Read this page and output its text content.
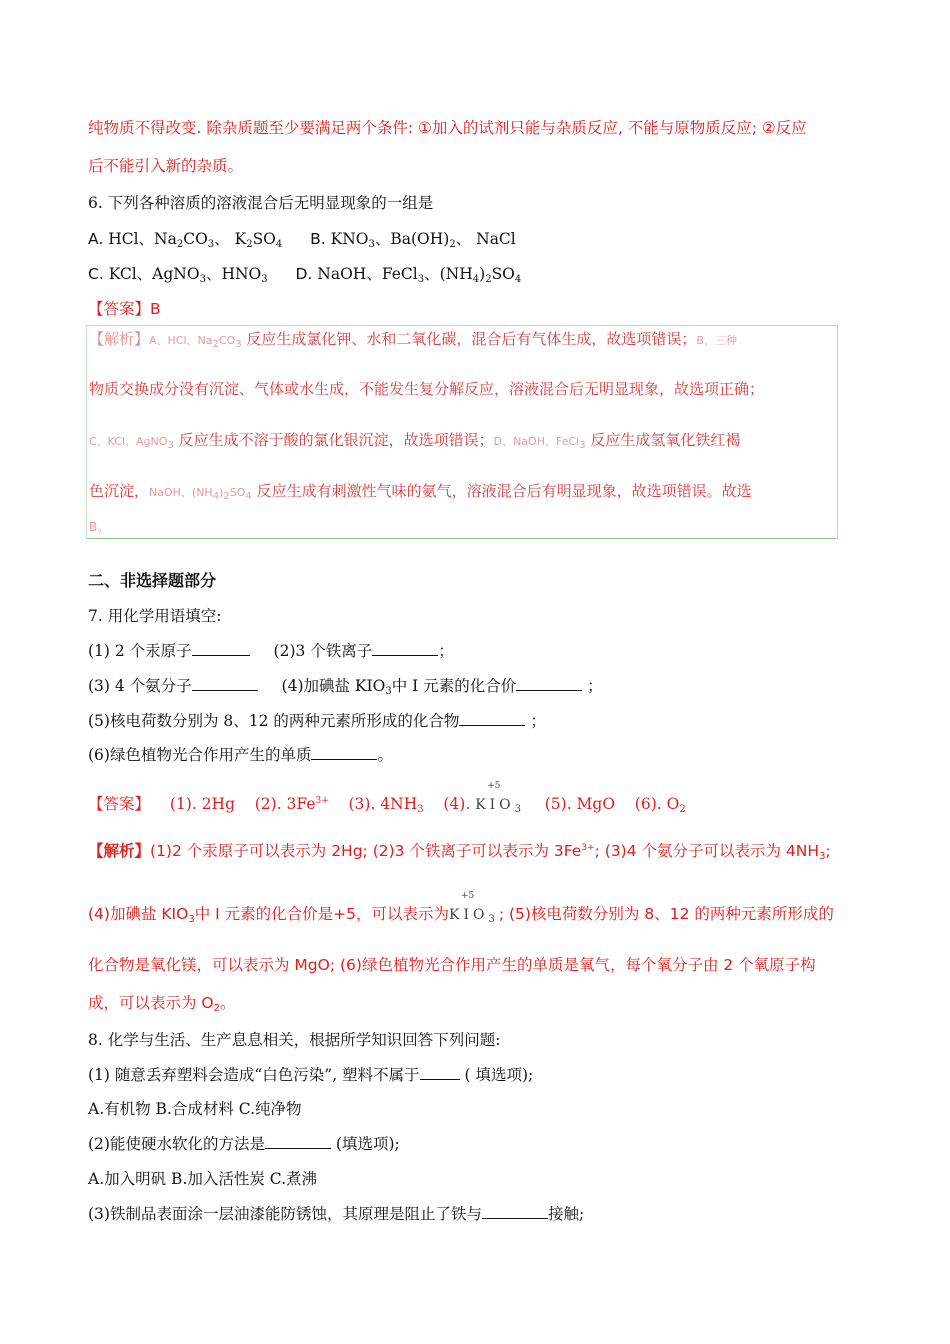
纯物质不得改变. 除杂质题至少要满足两个条件: ①加入的试剂只能与杂质反应, 不能与原物质反应; ②反应
后不能引入新的杂质。
6. 下列各种溶质的溶液混合后无明显现象的一组是
A. HCl、$Na_2CO_3$、 $K_2SO_4$ B. $KNO_3$、$Ba(OH)_2$、 NaCl
C. KCl、AgNO$_3$、$HNO_3$ D. NaOH、FeCl$_3$、$(NH_4)_2SO_4$
【答案】B
【解析】A、HCl、$Na_2CO_3$ 反应生成氯化钾、水和二氧化碳，混合后有气体生成，故选项错误；B、三种
物质交换成分没有沉淀、气体或水生成，不能发生复分解反应，溶液混合后无明显现象，故选项正确；
C、KCl、AgNO$_3$ 反应生成不溶于酸的氯化银沉淀，故选项错误；D、NaOH、FeCl$_3$ 反应生成氢氧化铁红褐
色沉淀，NaOH、$(NH_4)_2SO_4$ 反应生成有刺激性气味的氨气，溶液混合后有明显现象，故选项错误。故选
B。
二、非选择题部分
7. 用化学用语填空:
(1) 2 个汞原子	(2)3 个铁离子	；
(3) 4 个氨分子	(4)加碘盐 $KIO_3$中 I 元素的化合价	；
(5)核电荷数分别为 8、12 的两种元素所形成的化合物	；
(6)绿色植物光合作用产生的单质	。
【答案】 (1). 2Hg (2). $3Fe^{3+}$ (3). $4NH_3$ (4).
+5
$KIO_3$ (5). MgO (6). $O_2$
【解析】(1)2 个汞原子可以表示为 2Hg; (2)3 个铁离子可以表示为 $3Fe^{3+}$; (3)4 个氨分子可以表示为 $4NH_3$;
(4)加碘盐 $KIO_3$中 I 元素的化合价是+5，可以表示为
+5
$KIO_3$; (5)核电荷数分别为 8、12 的两种元素所形成的
化合物是氧化镁，可以表示为 MgO; (6)绿色植物光合作用产生的单质是氧气，每个氧分子由 2 个氧原子构
成，可以表示为 $O_2$。
8. 化学与生活、生产息息相关，根据所学知识回答下列问题:
(1) 随意丢弃塑料会造成“白色污染”, 塑料不属于	( 填选项);
A.有机物 B.合成材料 C.纯净物
(2)能使硬水软化的方法是	(填选项);
A.加入明矾 B.加入活性炭 C.煮沸
(3)铁制品表面涂一层油漆能防锈蚀，其原理是阻止了铁与	接触;
